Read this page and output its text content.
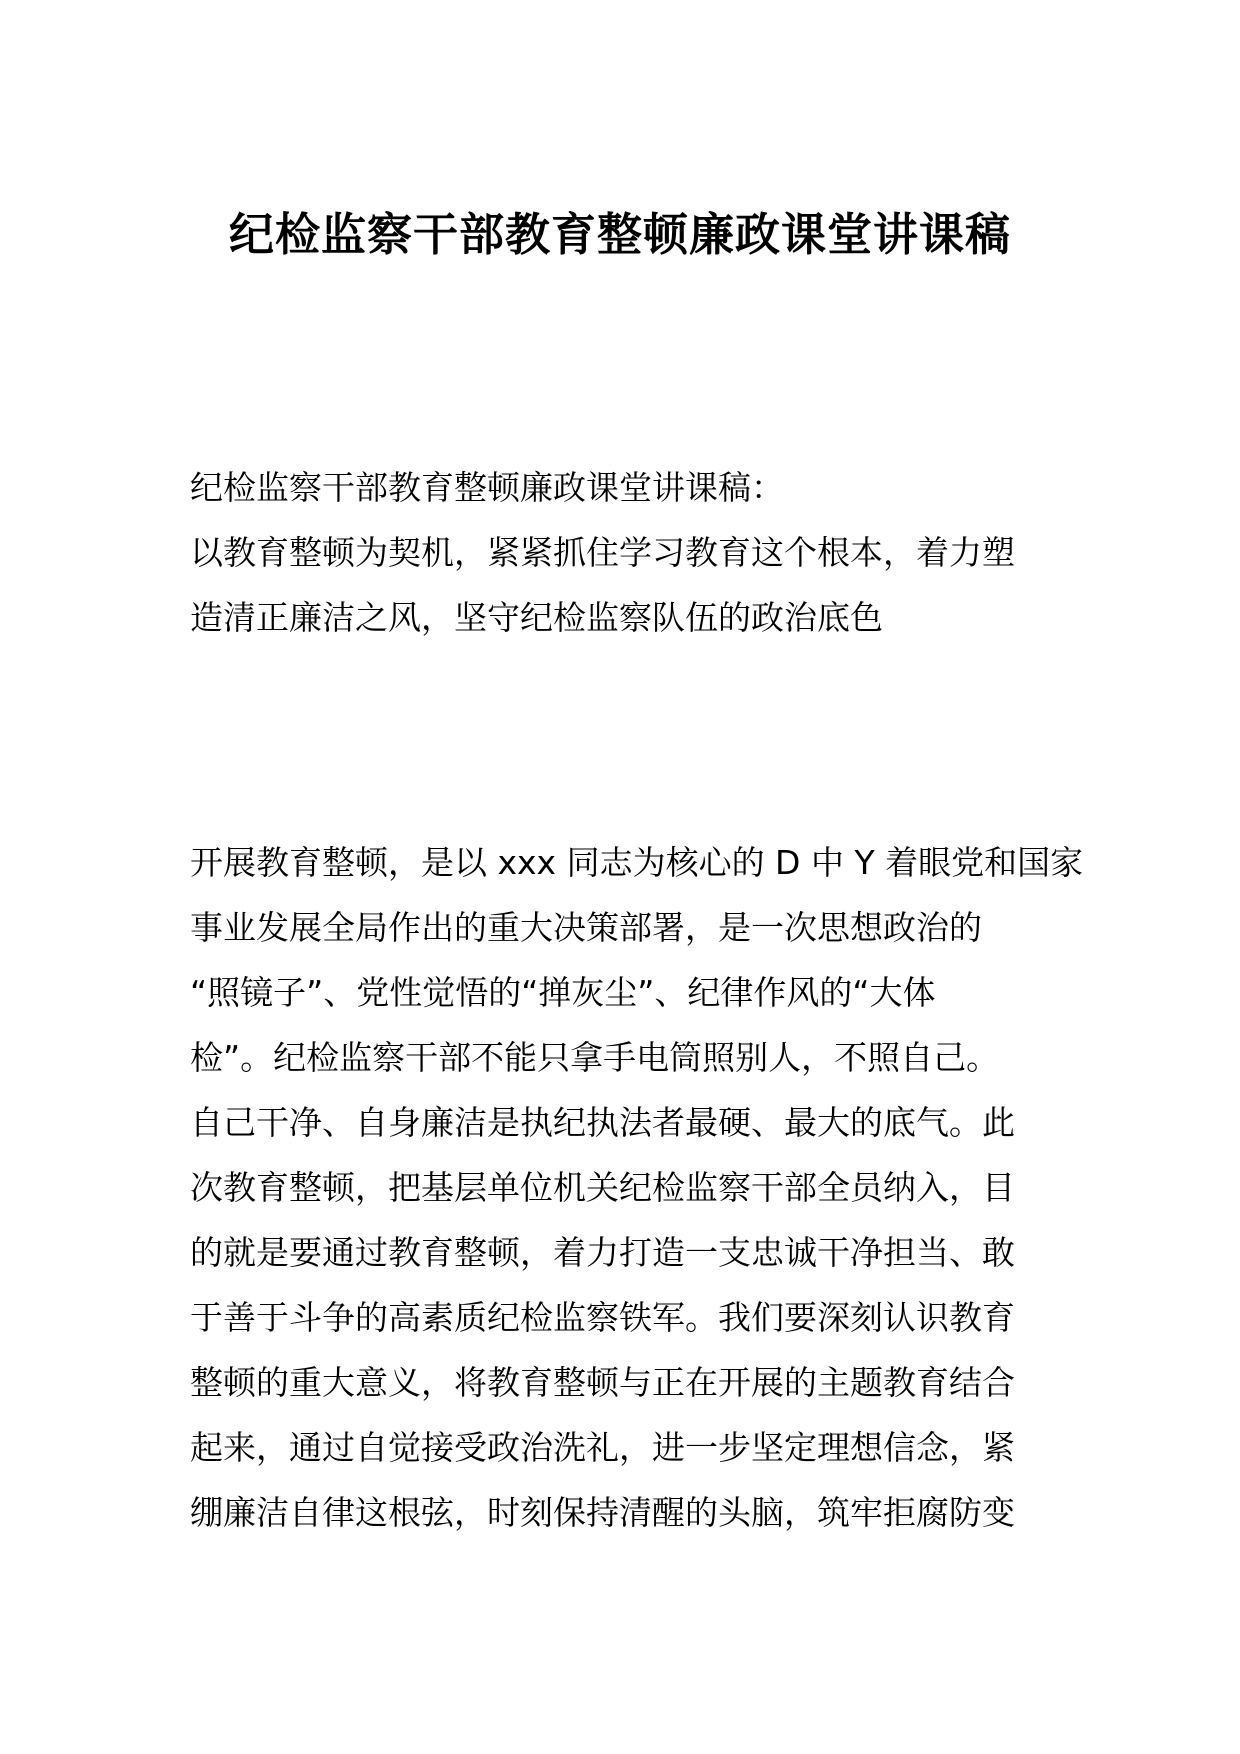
纪检监察干部教育整顿廉政课堂讲课稿
纪检监察干部教育整顿廉政课堂讲课稿：
以教育整顿为契机，紧紧抓住学习教育这个根本，着力塑
造清正廉洁之风，坚守纪检监察队伍的政治底色
开展教育整顿，是以 xxx 同志为核心的 D 中 Y 着眼党和国家
事业发展全局作出的重大决策部署，是一次思想政治的
“照镜子”、党性觉悟的“掸灰尘”、纪律作风的“大体
检”。纪检监察干部不能只拿手电筒照别人，不照自己。
自己干净、自身廉洁是执纪执法者最硬、最大的底气。此
次教育整顿，把基层单位机关纪检监察干部全员纳入，目
的就是要通过教育整顿，着力打造一支忠诚干净担当、敢
于善于斗争的高素质纪检监察铁军。我们要深刻认识教育
整顿的重大意义，将教育整顿与正在开展的主题教育结合
起来，通过自觉接受政治洗礼，进一步坚定理想信念，紧
绷廉洁自律这根弦，时刻保持清醒的头脑，筑牢拒腐防变
